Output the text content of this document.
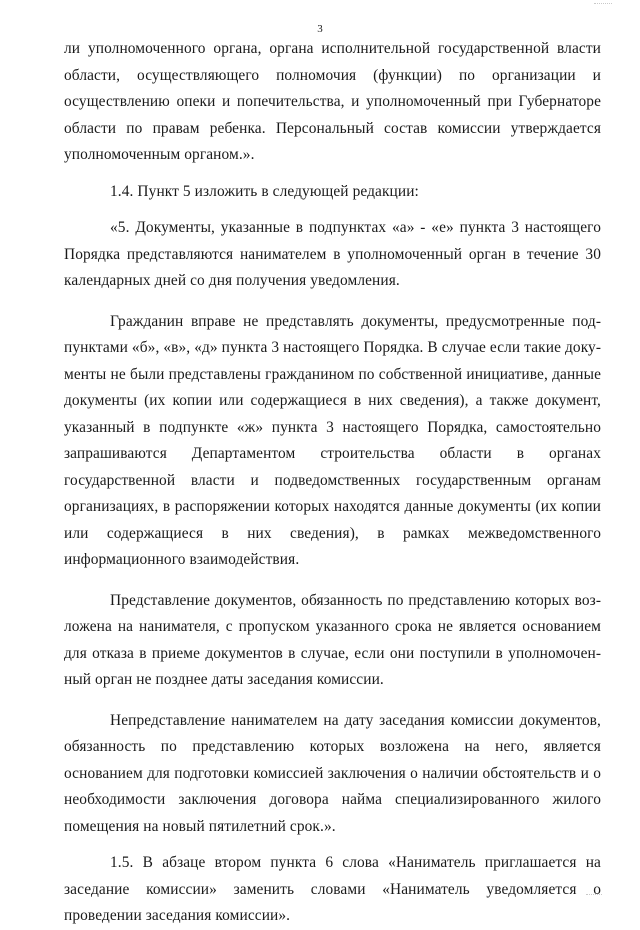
3

ли уполномоченного органа, органа исполнительной государственной власти области, осуществляющего полномочия (функции) по организации и осуществлению опеки и попечительства, и уполномоченный при Губернаторе области по правам ребенка. Персональный состав комиссии утверждается уполномоченным органом.».

1.4. Пункт 5 изложить в следующей редакции:

«5. Документы, указанные в подпунктах «а» - «е» пункта 3 настоящего Порядка представляются нанимателем в уполномоченный орган в течение 30 календарных дней со дня получения уведомления.

Гражданин вправе не представлять документы, предусмотренные подпунктами «б», «в», «д» пункта 3 настоящего Порядка. В случае если такие документы не были представлены гражданином по собственной инициативе, данные документы (их копии или содержащиеся в них сведения), а также документ, указанный в подпункте «ж» пункта 3 настоящего Порядка, самостоятельно запрашиваются Департаментом строительства области в органах государственной власти и подведомственных государственным органам организациях, в распоряжении которых находятся данные документы (их копии или содержащиеся в них сведения), в рамках межведомственного информационного взаимодействия.

Представление документов, обязанность по представлению которых возложена на нанимателя, с пропуском указанного срока не является основанием для отказа в приеме документов в случае, если они поступили в уполномоченный орган не позднее даты заседания комиссии.

Непредставление нанимателем на дату заседания комиссии документов, обязанность по представлению которых возложена на него, является основанием для подготовки комиссией заключения о наличии обстоятельств и о необходимости заключения договора найма специализированного жилого помещения на новый пятилетний срок.».

1.5. В абзаце втором пункта 6 слова «Наниматель приглашается на заседание комиссии» заменить словами «Наниматель уведомляется о проведении заседания комиссии».
